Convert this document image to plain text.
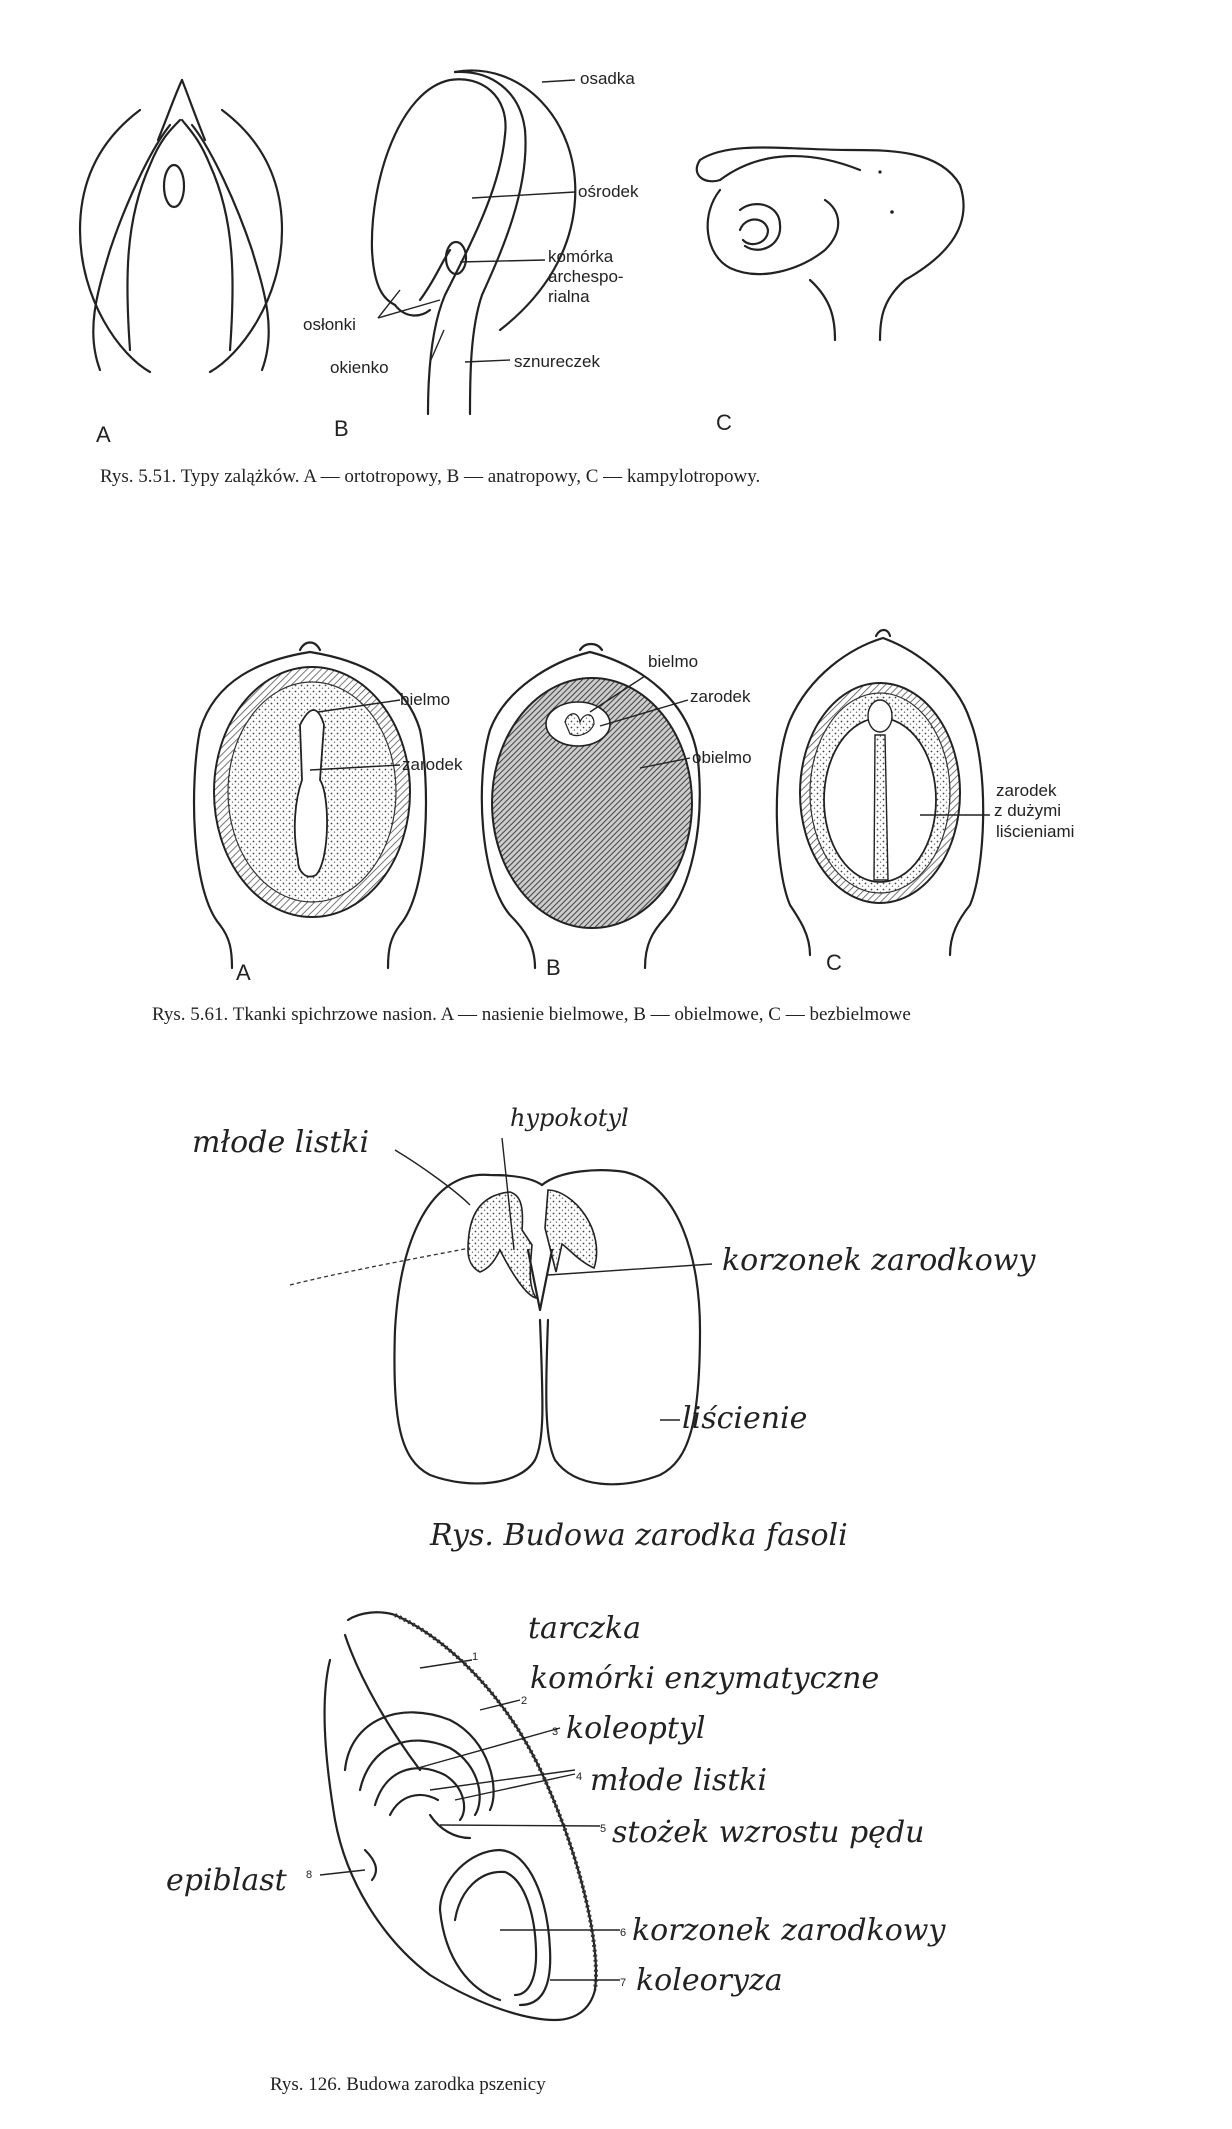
osadka
ośrodek
komórka
archespo-
rialna
osłonki
okienko	sznureczek
A	B	C
Rys. 5.51. Typy zalążków. A — ortotropowy, B — anatropowy, C — kampylotropowy.
bielmo
zarodek
bielmo
zarodek
obielmo
zarodek
z dużymi
liścieniami
A	B	C
Rys. 5.61. Tkanki spichrzowe nasion. A — nasienie bielmowe, B — obielmowe, C — bezbielmowe
młode listki
hypokotyl
korzonek zarodkowy
liścienie
Rys. Budowa zarodka fasoli
1
2
3
4
5
6
7
8
tarczka
komórki enzymatyczne
koleoptyl
młode listki
stożek wzrostu pędu
korzonek zarodkowy
koleoryza
epiblast
Rys. 126. Budowa zarodka pszenicy
